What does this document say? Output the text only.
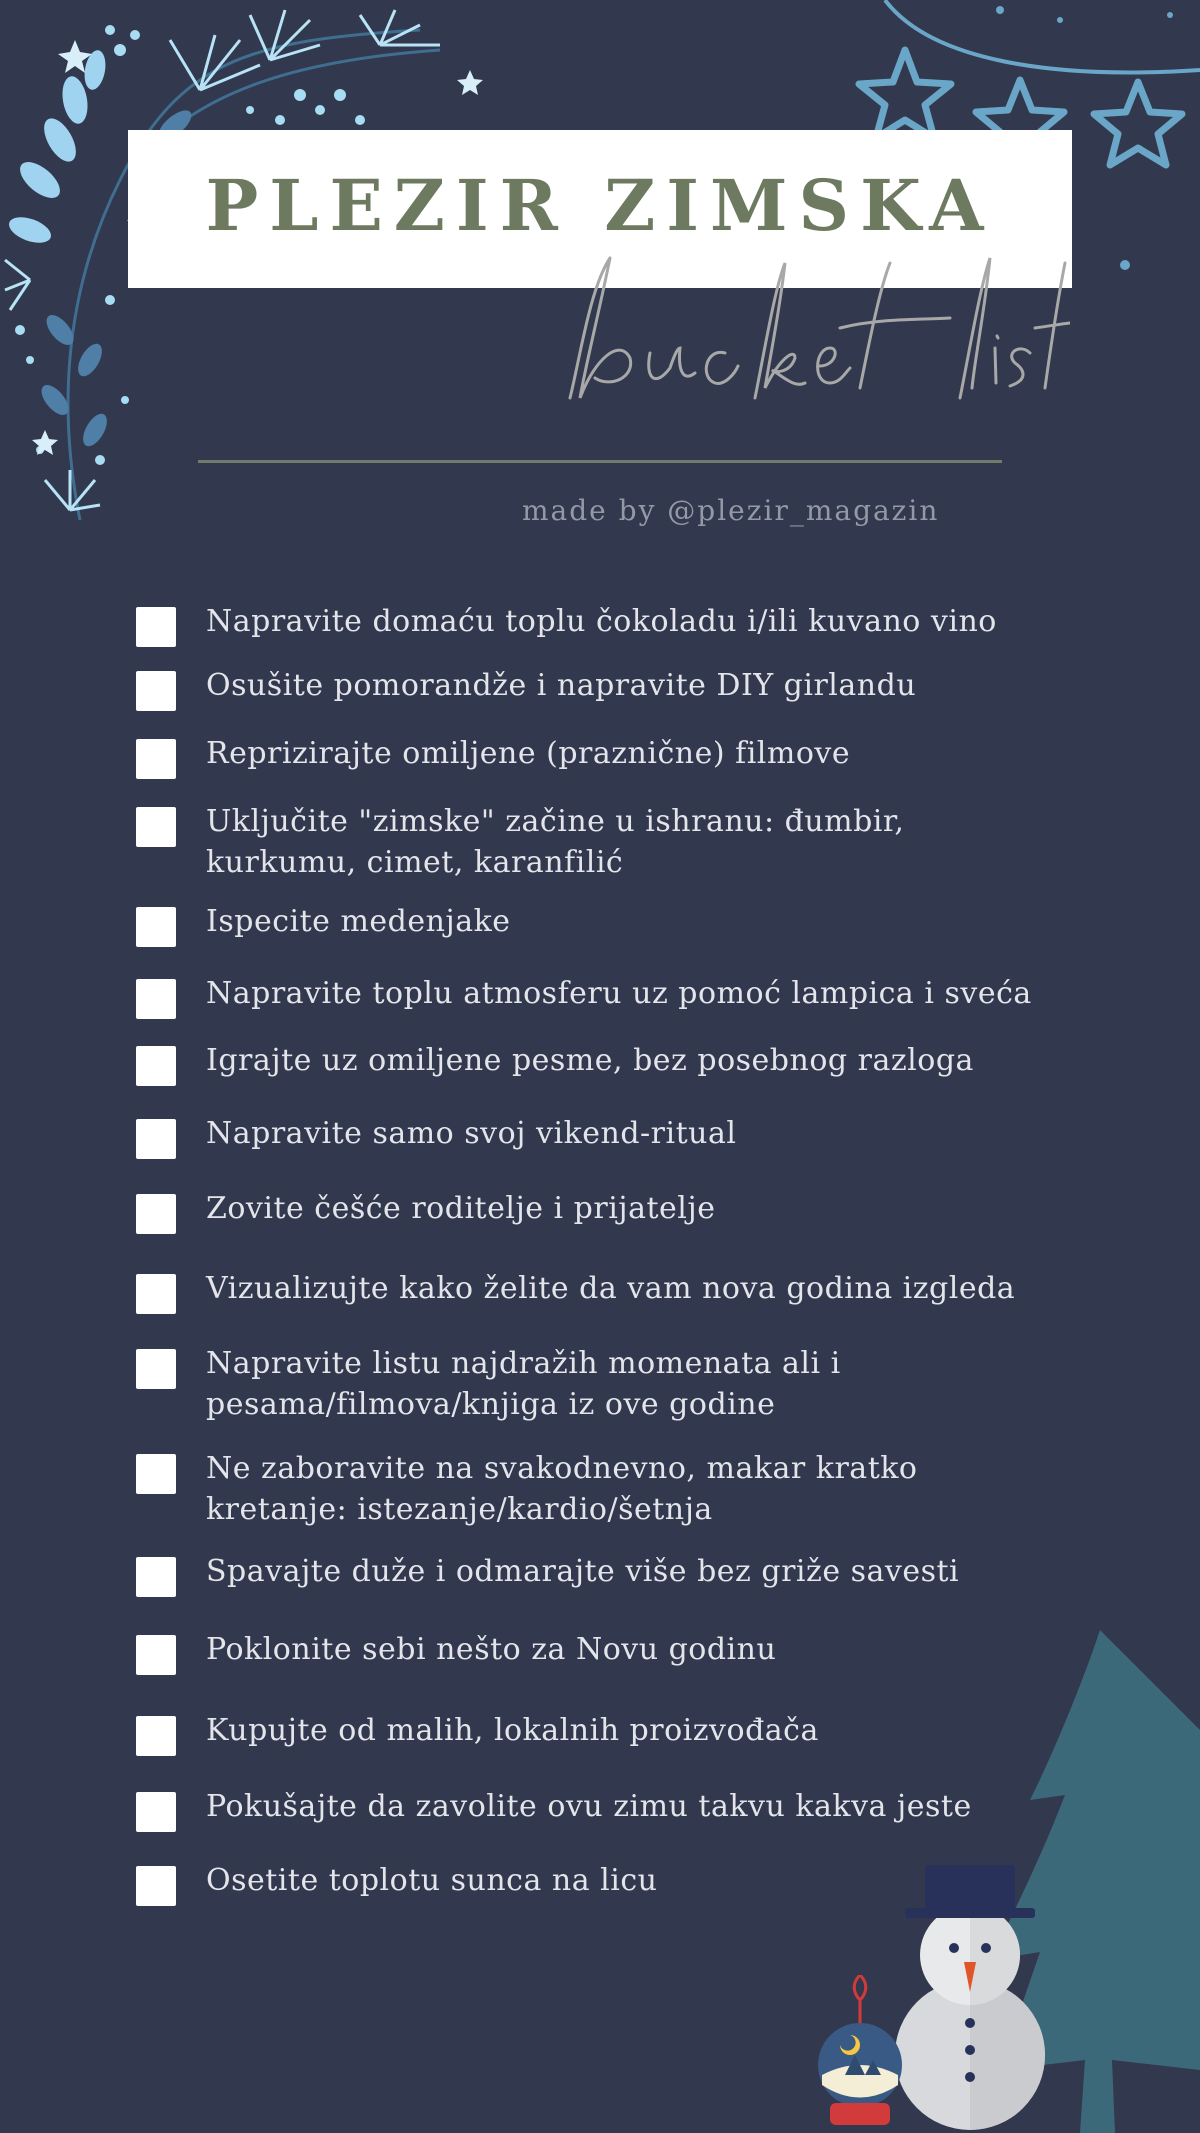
PLEZIR ZIMSKA
made by @plezir_magazin
Napravite domaću toplu čokoladu i/ili kuvano vino
Osušite pomorandže i napravite DIY girlandu
Reprizirajte omiljene (praznične) filmove
Uključite "zimske" začine u ishranu: đumbir,
kurkumu, cimet, karanfilić
Ispecite medenjake
Napravite toplu atmosferu uz pomoć lampica i sveća
Igrajte uz omiljene pesme, bez posebnog razloga
Napravite samo svoj vikend-ritual
Zovite češće roditelje i prijatelje
Vizualizujte kako želite da vam nova godina izgleda
Napravite listu najdražih momenata ali i
pesama/filmova/knjiga iz ove godine
Ne zaboravite na svakodnevno, makar kratko
kretanje: istezanje/kardio/šetnja
Spavajte duže i odmarajte više bez griže savesti
Poklonite sebi nešto za Novu godinu
Kupujte od malih, lokalnih proizvođača
Pokušajte da zavolite ovu zimu takvu kakva jeste
Osetite toplotu sunca na licu
